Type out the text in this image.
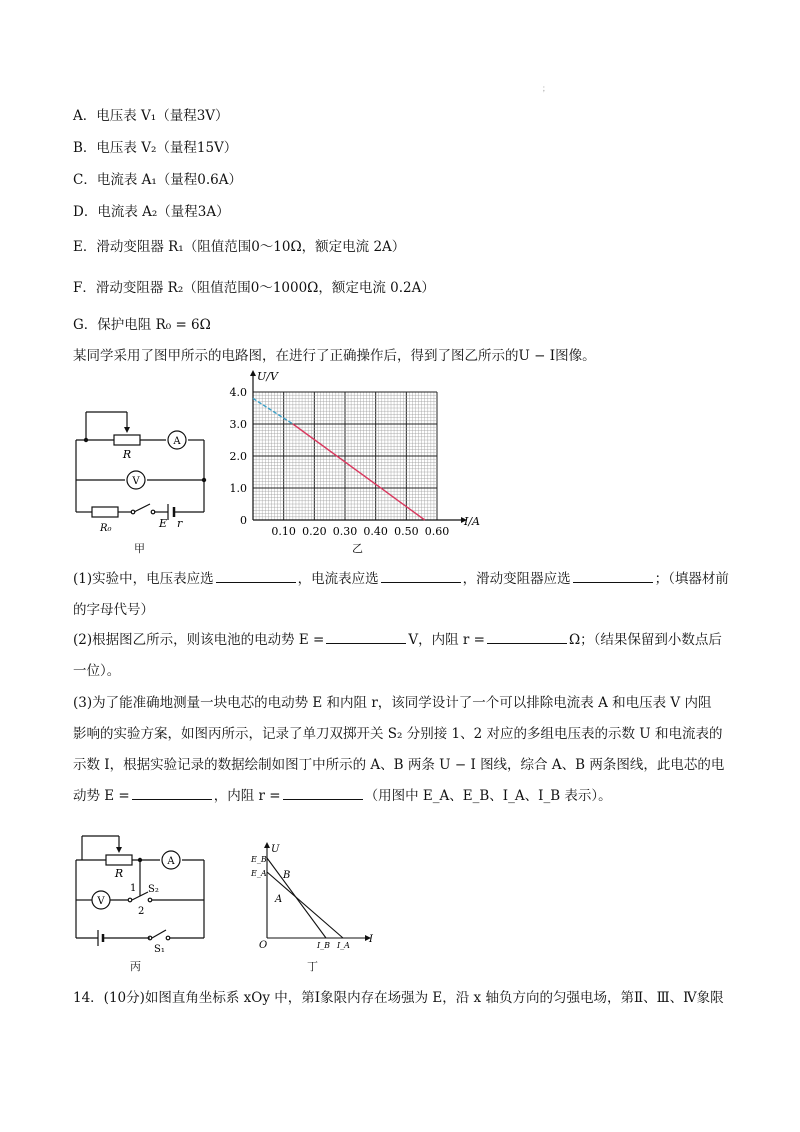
；
A．电压表 V₁（量程3V）
B．电压表 V₂（量程15V）
C．电流表 A₁（量程0.6A）
D．电流表 A₂（量程3A）
E．滑动变阻器 R₁（阻值范围0～10Ω，额定电流 2A）
F．滑动变阻器 R₂（阻值范围0～1000Ω，额定电流 0.2A）
G．保护电阻 R₀ = 6Ω
某同学采用了图甲所示的电路图，在进行了正确操作后，得到了图乙所示的U − I图像。
A
V
R
R₀	E r
甲
0.10 0.20 0.30 0.40 0.50 0.60
0
1.0
2.0
3.0
4.0
U/V
I/A
乙
(1)实验中，电压表应选	，电流表应选	，滑动变阻器应选	；（填器材前
的字母代号）
(2)根据图乙所示，则该电池的电动势 E =	V，内阻 r =	Ω；（结果保留到小数点后
一位）。
(3)为了能准确地测量一块电芯的电动势 E 和内阻 r，该同学设计了一个可以排除电流表 A 和电压表 V 内阻
影响的实验方案，如图丙所示，记录了单刀双掷开关 S₂ 分别接 1、2 对应的多组电压表的示数 U 和电流表的
示数 I，根据实验记录的数据绘制如图丁中所示的 A、B 两条 U − I 图线，综合 A、B 两条图线，此电芯的电
动势 E =	，内阻 r =	（用图中 E_A、E_B、I_A、I_B 表示）。
A
V
R
1
2
S₂
S₁
丙
U
I
O
E_B
E_A B
A
I_B I_A
丁
14．(10分)如图直角坐标系 xOy 中，第Ⅰ象限内存在场强为 E，沿 x 轴负方向的匀强电场，第Ⅱ、Ⅲ、Ⅳ象限
